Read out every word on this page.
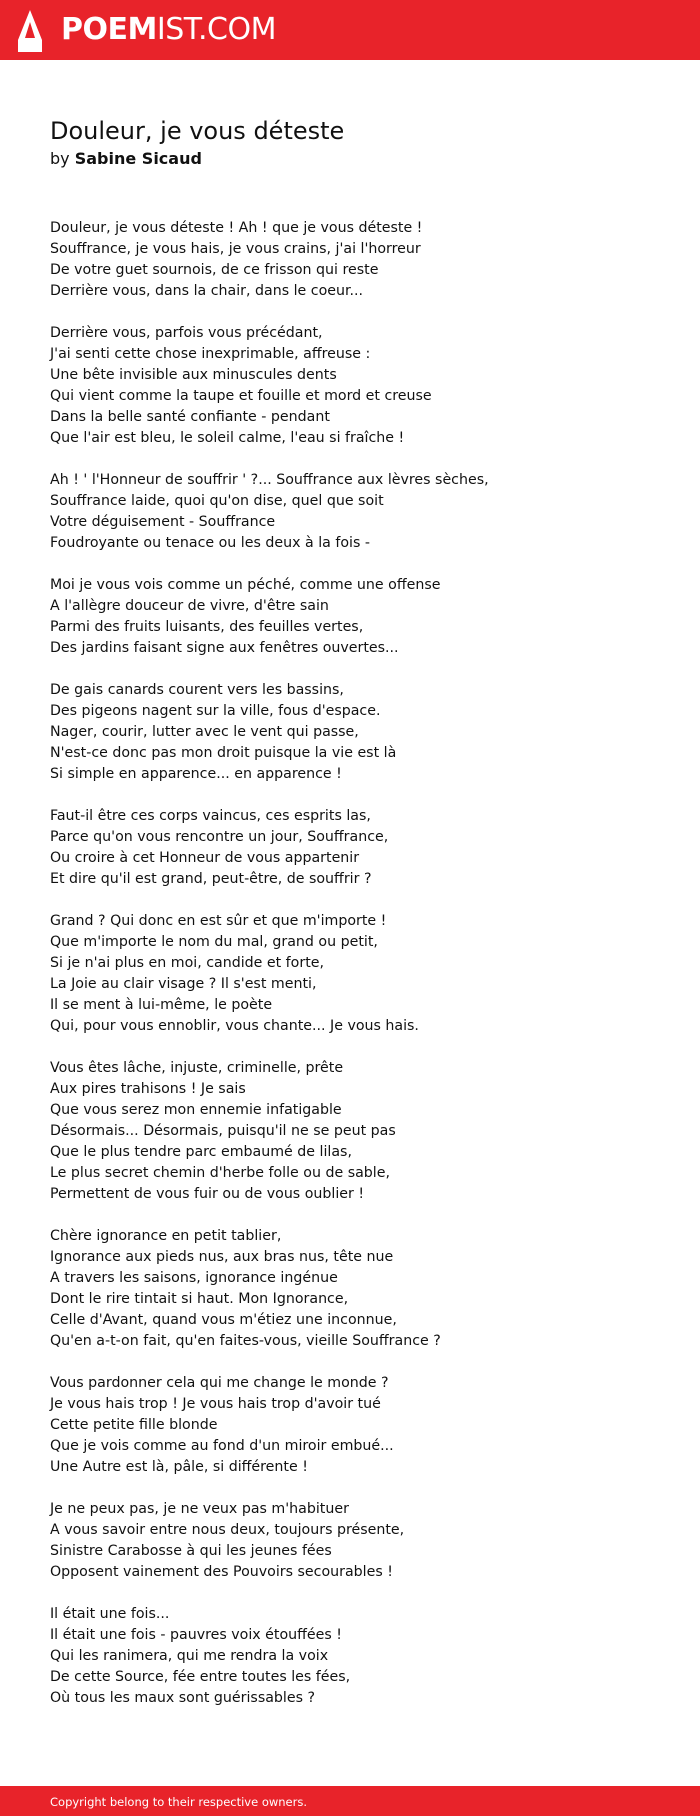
POEMIST.COM
Douleur, je vous déteste
by Sabine Sicaud
Douleur, je vous déteste ! Ah ! que je vous déteste !
Souffrance, je vous hais, je vous crains, j'ai l'horreur
De votre guet sournois, de ce frisson qui reste
Derrière vous, dans la chair, dans le coeur...
Derrière vous, parfois vous précédant,
J'ai senti cette chose inexprimable, affreuse :
Une bête invisible aux minuscules dents
Qui vient comme la taupe et fouille et mord et creuse
Dans la belle santé confiante - pendant
Que l'air est bleu, le soleil calme, l'eau si fraîche !
Ah ! ' l'Honneur de souffrir ' ?... Souffrance aux lèvres sèches,
Souffrance laide, quoi qu'on dise, quel que soit
Votre déguisement - Souffrance
Foudroyante ou tenace ou les deux à la fois -
Moi je vous vois comme un péché, comme une offense
A l'allègre douceur de vivre, d'être sain
Parmi des fruits luisants, des feuilles vertes,
Des jardins faisant signe aux fenêtres ouvertes...
De gais canards courent vers les bassins,
Des pigeons nagent sur la ville, fous d'espace.
Nager, courir, lutter avec le vent qui passe,
N'est-ce donc pas mon droit puisque la vie est là
Si simple en apparence... en apparence !
Faut-il être ces corps vaincus, ces esprits las,
Parce qu'on vous rencontre un jour, Souffrance,
Ou croire à cet Honneur de vous appartenir
Et dire qu'il est grand, peut-être, de souffrir ?
Grand ? Qui donc en est sûr et que m'importe !
Que m'importe le nom du mal, grand ou petit,
Si je n'ai plus en moi, candide et forte,
La Joie au clair visage ? Il s'est menti,
Il se ment à lui-même, le poète
Qui, pour vous ennoblir, vous chante... Je vous hais.
Vous êtes lâche, injuste, criminelle, prête
Aux pires trahisons ! Je sais
Que vous serez mon ennemie infatigable
Désormais... Désormais, puisqu'il ne se peut pas
Que le plus tendre parc embaumé de lilas,
Le plus secret chemin d'herbe folle ou de sable,
Permettent de vous fuir ou de vous oublier !
Chère ignorance en petit tablier,
Ignorance aux pieds nus, aux bras nus, tête nue
A travers les saisons, ignorance ingénue
Dont le rire tintait si haut. Mon Ignorance,
Celle d'Avant, quand vous m'étiez une inconnue,
Qu'en a-t-on fait, qu'en faites-vous, vieille Souffrance ?
Vous pardonner cela qui me change le monde ?
Je vous hais trop ! Je vous hais trop d'avoir tué
Cette petite fille blonde
Que je vois comme au fond d'un miroir embué...
Une Autre est là, pâle, si différente !
Je ne peux pas, je ne veux pas m'habituer
A vous savoir entre nous deux, toujours présente,
Sinistre Carabosse à qui les jeunes fées
Opposent vainement des Pouvoirs secourables !
Il était une fois...
Il était une fois - pauvres voix étouffées !
Qui les ranimera, qui me rendra la voix
De cette Source, fée entre toutes les fées,
Où tous les maux sont guérissables ?
Copyright belong to their respective owners.
